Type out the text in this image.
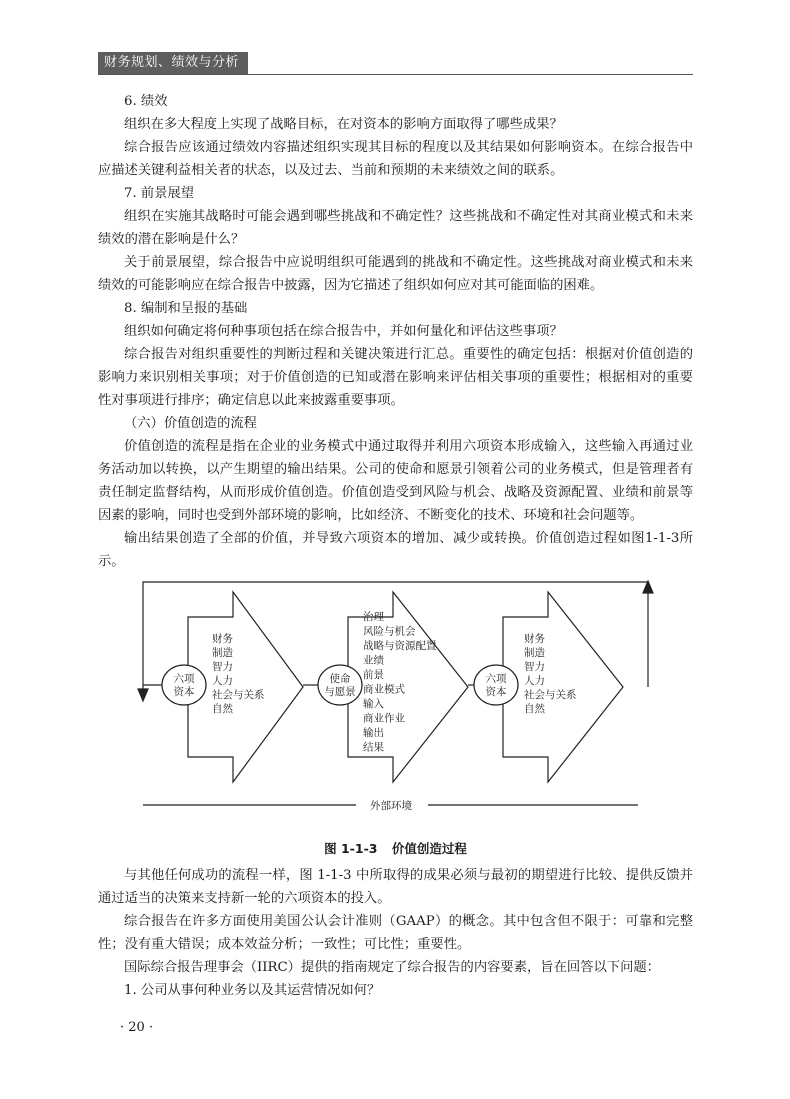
财务规划、绩效与分析

6. 绩效

组织在多大程度上实现了战略目标，在对资本的影响方面取得了哪些成果？

综合报告应该通过绩效内容描述组织实现其目标的程度以及其结果如何影响资本。在综合报告中应描述关键利益相关者的状态，以及过去、当前和预期的未来绩效之间的联系。

7. 前景展望

组织在实施其战略时可能会遇到哪些挑战和不确定性？这些挑战和不确定性对其商业模式和未来绩效的潜在影响是什么？

关于前景展望，综合报告中应说明组织可能遇到的挑战和不确定性。这些挑战对商业模式和未来绩效的可能影响应在综合报告中披露，因为它描述了组织如何应对其可能面临的困难。

8. 编制和呈报的基础

组织如何确定将何种事项包括在综合报告中，并如何量化和评估这些事项？

综合报告对组织重要性的判断过程和关键决策进行汇总。重要性的确定包括：根据对价值创造的影响力来识别相关事项；对于价值创造的已知或潜在影响来评估相关事项的重要性；根据相对的重要性对事项进行排序；确定信息以此来披露重要事项。

（六）价值创造的流程

价值创造的流程是指在企业的业务模式中通过取得并利用六项资本形成输入，这些输入再通过业务活动加以转换，以产生期望的输出结果。公司的使命和愿景引领着公司的业务模式，但是管理者有责任制定监督结构，从而形成价值创造。价值创造受到风险与机会、战略及资源配置、业绩和前景等因素的影响，同时也受到外部环境的影响，比如经济、不断变化的技术、环境和社会问题等。

输出结果创造了全部的价值，并导致六项资本的增加、减少或转换。价值创造过程如图1-1-3所示。

六项
资本
使命
与愿景
六项
资本
财务
制造
智力
人力
社会与关系
自然
治理
风险与机会
战略与资源配置
业绩
前景
商业模式
输入
商业作业
输出
结果
财务
制造
智力
人力
社会与关系
自然
外部环境
图 1-1-3 价值创造过程

与其他任何成功的流程一样，图 1-1-3 中所取得的成果必须与最初的期望进行比较、提供反馈并通过适当的决策来支持新一轮的六项资本的投入。

综合报告在许多方面使用美国公认会计准则（GAAP）的概念。其中包含但不限于：可靠和完整性；没有重大错误；成本效益分析；一致性；可比性；重要性。

国际综合报告理事会（IIRC）提供的指南规定了综合报告的内容要素，旨在回答以下问题：

1. 公司从事何种业务以及其运营情况如何？

· 20 ·
